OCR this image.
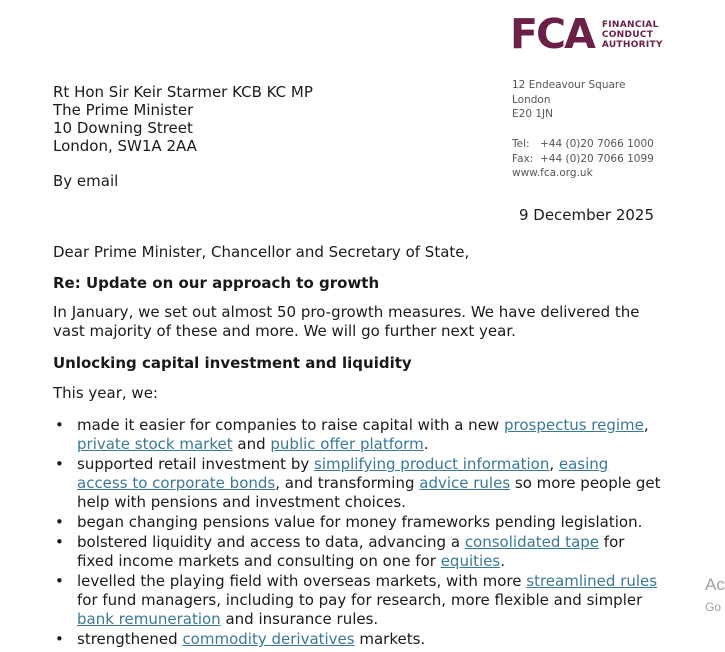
FCA FINANCIAL
CONDUCT
AUTHORITY
Rt Hon Sir Keir Starmer KCB KC MP
The Prime Minister
10 Downing Street
London, SW1A 2AA
By email
12 Endeavour Square
London
E20 1JN
Tel: +44 (0)20 7066 1000
Fax: +44 (0)20 7066 1099
www.fca.org.uk
9 December 2025

Dear Prime Minister, Chancellor and Secretary of State,

Re: Update on our approach to growth

In January, we set out almost 50 pro-growth measures. We have delivered the vast majority of these and more. We will go further next year.

Unlocking capital investment and liquidity

This year, we:

• made it easier for companies to raise capital with a new prospectus regime, private stock market and public offer platform.
• supported retail investment by simplifying product information, easing access to corporate bonds, and transforming advice rules so more people get help with pensions and investment choices.
• began changing pensions value for money frameworks pending legislation.
• bolstered liquidity and access to data, advancing a consolidated tape for fixed income markets and consulting on one for equities.
• levelled the playing field with overseas markets, with more streamlined rules for fund managers, including to pay for research, more flexible and simpler bank remuneration and insurance rules.
• strengthened commodity derivatives markets.
Ac
Go
